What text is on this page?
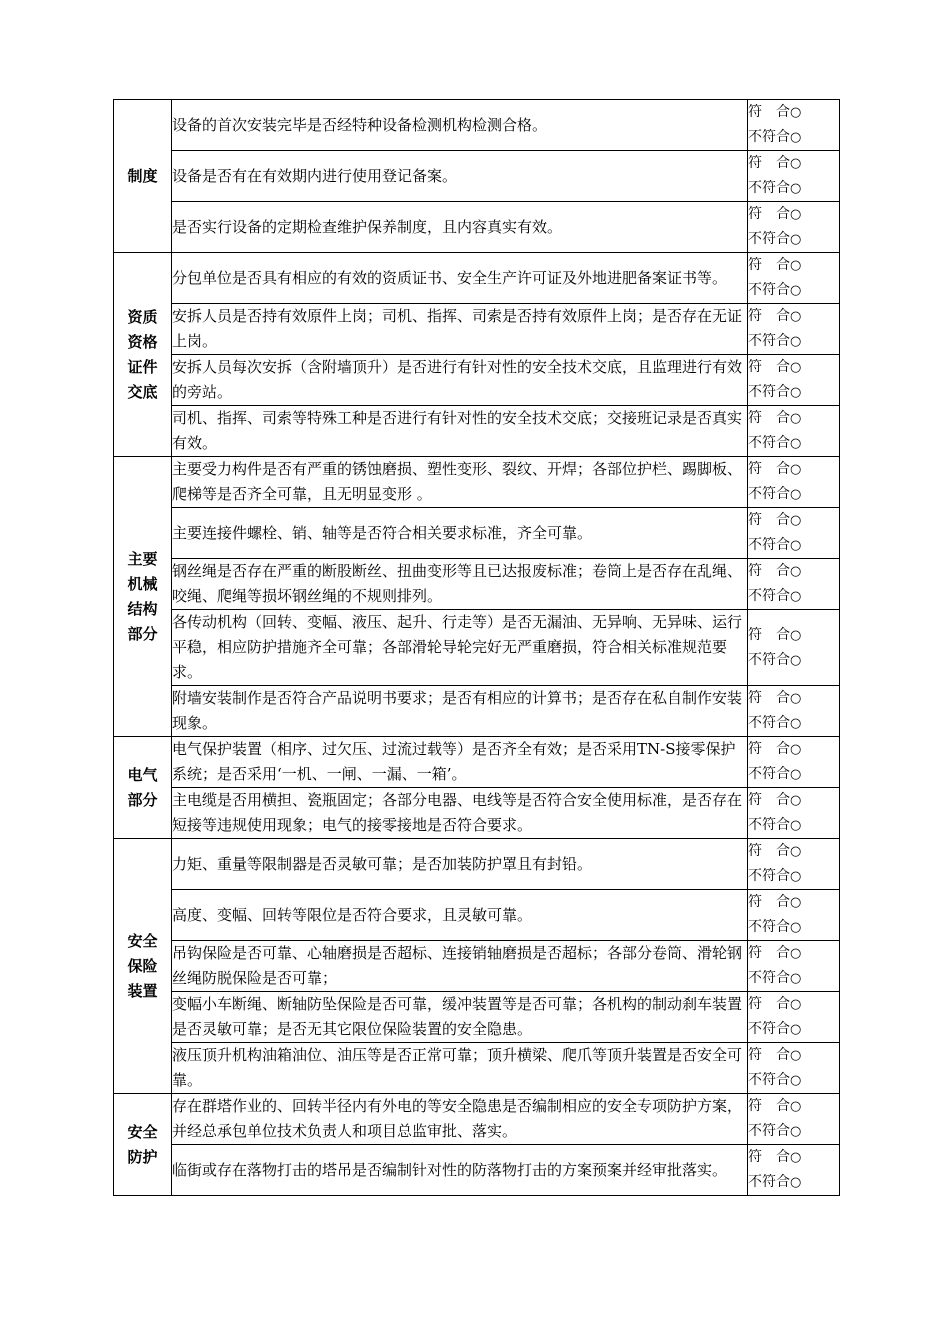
制度	设备的首次安装完毕是否经特种设备检测机构检测合格。	符　合○
不符合○

	设备是否有在有效期内进行使用登记备案。	符　合○
不符合○

	是否实行设备的定期检查维护保养制度，且内容真实有效。	符　合○
不符合○

资质资格证件交底	分包单位是否具有相应的有效的资质证书、安全生产许可证及外地进肥备案证书等。	符　合○
不符合○

	安拆人员是否持有效原件上岗；司机、指挥、司索是否持有效原件上岗；是否存在无证上岗。	符　合○
不符合○

	安拆人员每次安拆（含附墙顶升）是否进行有针对性的安全技术交底，且监理进行有效的旁站。	符　合○
不符合○

	司机、指挥、司索等特殊工种是否进行有针对性的安全技术交底；交接班记录是否真实有效。	符　合○
不符合○

主要机械结构部分	主要受力构件是否有严重的锈蚀磨损、塑性变形、裂纹、开焊；各部位护栏、踢脚板、爬梯等是否齐全可靠，且无明显变形 。	符　合○
不符合○

	主要连接件螺栓、销、轴等是否符合相关要求标准，齐全可靠。	符　合○
不符合○

	钢丝绳是否存在严重的断股断丝、扭曲变形等且已达报废标准；卷筒上是否存在乱绳、咬绳、爬绳等损坏钢丝绳的不规则排列。	符　合○
不符合○

	各传动机构（回转、变幅、液压、起升、行走等）是否无漏油、无异响、无异味、运行平稳，相应防护措施齐全可靠；各部滑轮导轮完好无严重磨损，符合相关标准规范要求。	符　合○
不符合○

	附墙安装制作是否符合产品说明书要求；是否有相应的计算书；是否存在私自制作安装现象。	符　合○
不符合○

电气部分	电气保护装置（相序、过欠压、过流过载等）是否齐全有效；是否采用TN-S接零保护系统；是否采用‘一机、一闸、一漏、一箱’。	符　合○
不符合○

	主电缆是否用横担、瓷瓶固定；各部分电器、电线等是否符合安全使用标准，是否存在短接等违规使用现象；电气的接零接地是否符合要求。	符　合○
不符合○

安全保险装置	力矩、重量等限制器是否灵敏可靠；是否加装防护罩且有封铅。	符　合○
不符合○

	高度、变幅、回转等限位是否符合要求，且灵敏可靠。	符　合○
不符合○

	吊钩保险是否可靠、心轴磨损是否超标、连接销轴磨损是否超标；各部分卷筒、滑轮钢丝绳防脱保险是否可靠；	符　合○
不符合○

	变幅小车断绳、断轴防坠保险是否可靠，缓冲装置等是否可靠；各机构的制动刹车装置是否灵敏可靠；是否无其它限位保险装置的安全隐患。	符　合○
不符合○

	液压顶升机构油箱油位、油压等是否正常可靠；顶升横梁、爬爪等顶升装置是否安全可靠。	符　合○
不符合○

安全防护	存在群塔作业的、回转半径内有外电的等安全隐患是否编制相应的安全专项防护方案，并经总承包单位技术负责人和项目总监审批、落实。	符　合○
不符合○

	临街或存在落物打击的塔吊是否编制针对性的防落物打击的方案预案并经审批落实。	符　合○
不符合○
